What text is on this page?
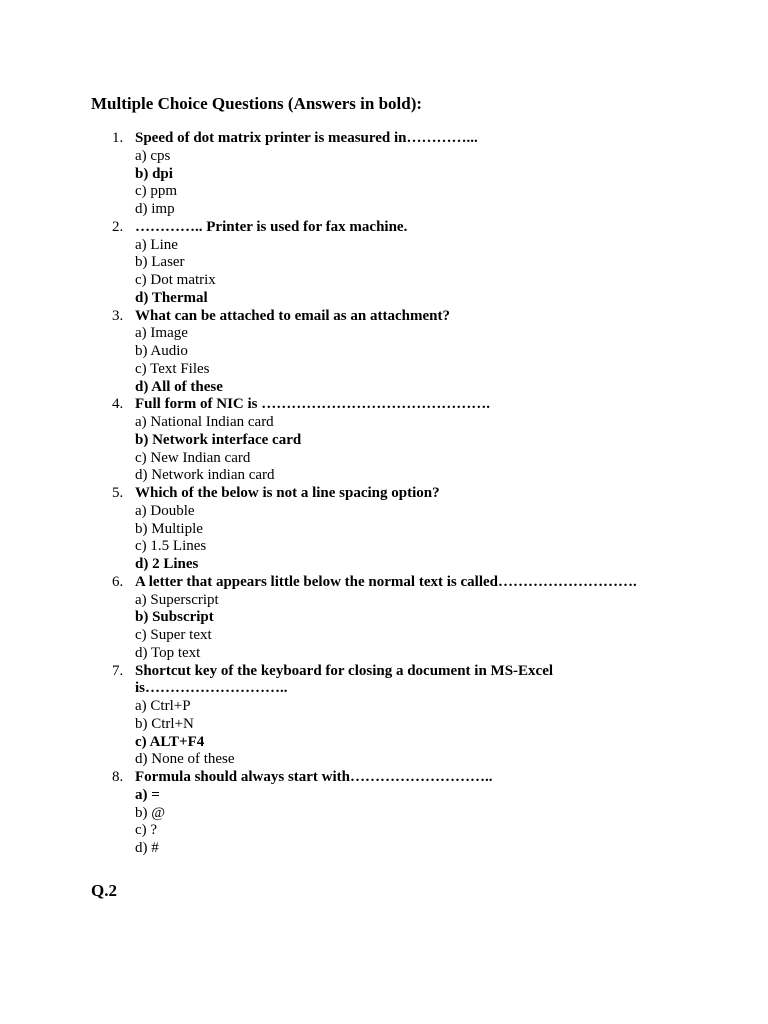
Multiple Choice Questions (Answers in bold):
1. Speed of dot matrix printer is measured in…………...
a) cps
b) dpi
c) ppm
d) imp
2. ………….. Printer is used for fax machine.
a) Line
b) Laser
c) Dot matrix
d) Thermal
3. What can be attached to email as an attachment?
a) Image
b) Audio
c) Text Files
d) All of these
4. Full form of NIC is ……………………………………….
a) National Indian card
b) Network interface card
c) New Indian card
d) Network indian card
5. Which of the below is not a line spacing option?
a) Double
b) Multiple
c) 1.5 Lines
d) 2 Lines
6. A letter that appears little below the normal text is called……………………….
a) Superscript
b) Subscript
c) Super text
d) Top text
7. Shortcut key of the keyboard for closing a document in MS-Excel is………………………..
a) Ctrl+P
b) Ctrl+N
c) ALT+F4
d) None of these
8. Formula should always start with………………………..
a) =
b) @
c) ?
d) #
Q.2
